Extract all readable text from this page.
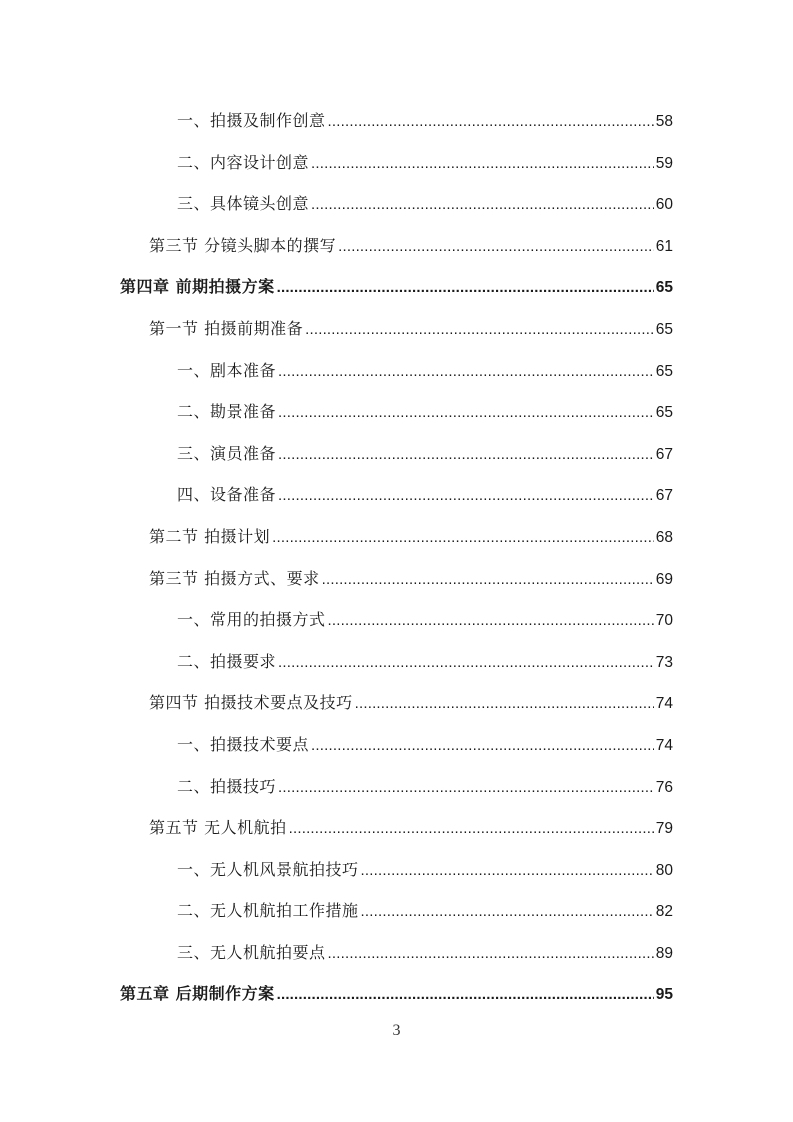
一、拍摄及制作创意 .....	58
二、内容设计创意 .....	59
三、具体镜头创意 .....	60
第三节 分镜头脚本的撰写 .....	61
第四章 前期拍摄方案 .....	65
第一节 拍摄前期准备 .....	65
一、剧本准备 .....	65
二、勘景准备 .....	65
三、演员准备 .....	67
四、设备准备 .....	67
第二节 拍摄计划 .....	68
第三节 拍摄方式、要求 .....	69
一、常用的拍摄方式 .....	70
二、拍摄要求 .....	73
第四节 拍摄技术要点及技巧 .....	74
一、拍摄技术要点 .....	74
二、拍摄技巧 .....	76
第五节 无人机航拍 .....	79
一、无人机风景航拍技巧 .....	80
二、无人机航拍工作措施 .....	82
三、无人机航拍要点 .....	89
第五章 后期制作方案 .....	95
3
